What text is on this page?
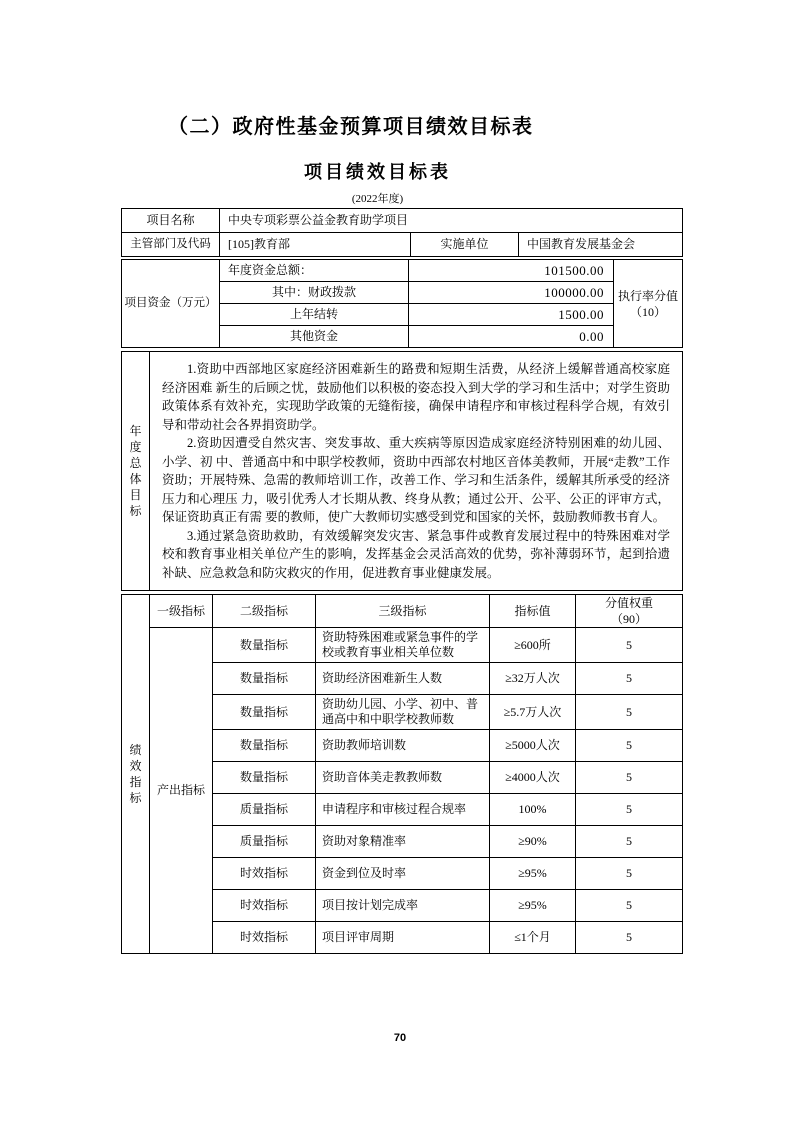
（二）政府性基金预算项目绩效目标表
项目绩效目标表
(2022年度)
项目名称	中央专项彩票公益金教育助学项目		
主管部门及代码	[105]教育部	实施单位	中国教育发展基金会
项目资金（万元）	年度资金总额：	101500.00	执行率分值
（10）
	其中：财政拨款	100000.00	
	上年结转	1500.00	
	其他资金	0.00	
年度总体目标	

1.资助中西部地区家庭经济困难新生的路费和短期生活费，从经济上缓解普通高校家庭经济困难 新生的后顾之忧，鼓励他们以积极的姿态投入到大学的学习和生活中；对学生资助政策体系有效补充，实现助学政策的无缝衔接，确保申请程序和审核过程科学合规，有效引导和带动社会各界捐资助学。

2.资助因遭受自然灾害、突发事故、重大疾病等原因造成家庭经济特别困难的幼儿园、小学、初 中、普通高中和中职学校教师，资助中西部农村地区音体美教师，开展“走教”工作资助；开展特殊、急需的教师培训工作，改善工作、学习和生活条件，缓解其所承受的经济压力和心理压 力，吸引优秀人才长期从教、终身从教；通过公开、公平、公正的评审方式，保证资助真正有需 要的教师，使广大教师切实感受到党和国家的关怀，鼓励教师教书育人。

3.通过紧急资助救助，有效缓解突发灾害、紧急事件或教育发展过程中的特殊困难对学校和教育事业相关单位产生的影响，发挥基金会灵活高效的优势，弥补薄弱环节，起到拾遗补缺、应急救急和防灾救灾的作用，促进教育事业健康发展。

绩效指标	一级指标	二级指标	三级指标	指标值	分值权重
（90）
	产出指标	数量指标	资助特殊困难或紧急事件的学校或教育事业相关单位数	≥600所	5
		数量指标	资助经济困难新生人数	≥32万人次	5
		数量指标	资助幼儿园、小学、初中、普通高中和中职学校教师数	≥5.7万人次	5
		数量指标	资助教师培训数	≥5000人次	5
		数量指标	资助音体美走教教师数	≥4000人次	5
		质量指标	申请程序和审核过程合规率	100%	5
		质量指标	资助对象精准率	≥90%	5
		时效指标	资金到位及时率	≥95%	5
		时效指标	项目按计划完成率	≥95%	5
		时效指标	项目评审周期	≤1个月	5
70
